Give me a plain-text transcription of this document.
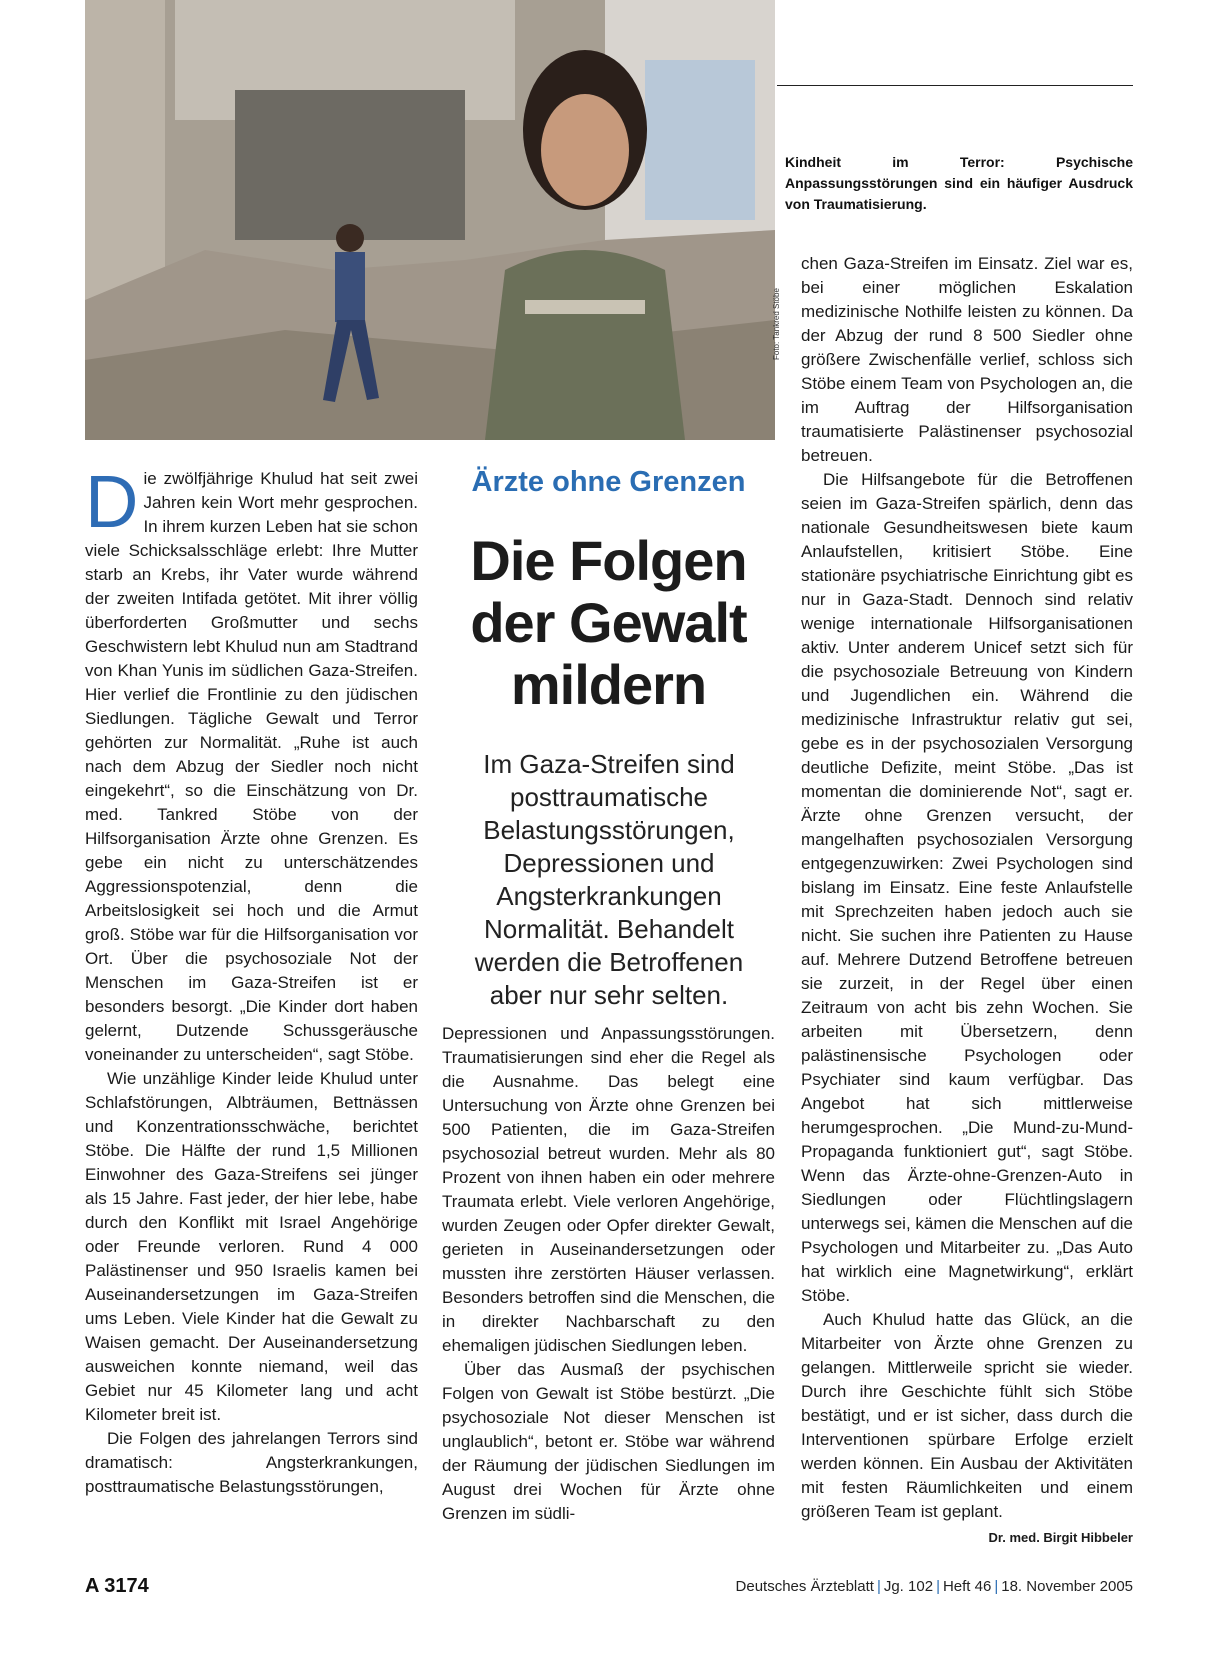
Foto: Tankred Stöbe
Kindheit im Terror: Psychische Anpassungsstörungen sind ein häufiger Ausdruck von Traumatisierung.

Die zwölfjährige Khulud hat seit zwei Jahren kein Wort mehr gesprochen. In ihrem kurzen Leben hat sie schon viele Schicksalsschläge erlebt: Ihre Mutter starb an Krebs, ihr Vater wurde während der zweiten Intifada getötet. Mit ihrer völlig überforderten Großmutter und sechs Geschwistern lebt Khulud nun am Stadtrand von Khan Yunis im südlichen Gaza-Streifen. Hier verlief die Frontlinie zu den jüdischen Siedlungen. Tägliche Gewalt und Terror gehörten zur Normalität. „Ruhe ist auch nach dem Abzug der Siedler noch nicht eingekehrt“, so die Einschätzung von Dr. med. Tankred Stöbe von der Hilfsorganisation Ärzte ohne Grenzen. Es gebe ein nicht zu unterschätzendes Aggressionspotenzial, denn die Arbeitslosigkeit sei hoch und die Armut groß. Stöbe war für die Hilfsorganisation vor Ort. Über die psychosoziale Not der Menschen im Gaza-Streifen ist er besonders besorgt. „Die Kinder dort haben gelernt, Dutzende Schussgeräusche voneinander zu unterscheiden“, sagt Stöbe.

Wie unzählige Kinder leide Khulud unter Schlafstörungen, Albträumen, Bettnässen und Konzentrationsschwäche, berichtet Stöbe. Die Hälfte der rund 1,5 Millionen Einwohner des Gaza-Streifens sei jünger als 15 Jahre. Fast jeder, der hier lebe, habe durch den Konflikt mit Israel Angehörige oder Freunde verloren. Rund 4 000 Palästinenser und 950 Israelis kamen bei Auseinandersetzungen im Gaza-Streifen ums Leben. Viele Kinder hat die Gewalt zu Waisen gemacht. Der Auseinandersetzung ausweichen konnte niemand, weil das Gebiet nur 45 Kilometer lang und acht Kilometer breit ist.

Die Folgen des jahrelangen Terrors sind dramatisch: Angsterkrankungen, posttraumatische Belastungsstörungen,

Ärzte ohne Grenzen
Die Folgen der Gewalt mildern
Im Gaza-Streifen sind posttraumatische Belastungsstörungen, Depressionen und Angsterkrankungen Normalität. Behandelt werden die Betroffenen aber nur sehr selten.

Depressionen und Anpassungsstörungen. Traumatisierungen sind eher die Regel als die Ausnahme. Das belegt eine Untersuchung von Ärzte ohne Grenzen bei 500 Patienten, die im Gaza-Streifen psychosozial betreut wurden. Mehr als 80 Prozent von ihnen haben ein oder mehrere Traumata erlebt. Viele verloren Angehörige, wurden Zeugen oder Opfer direkter Gewalt, gerieten in Auseinandersetzungen oder mussten ihre zerstörten Häuser verlassen. Besonders betroffen sind die Menschen, die in direkter Nachbarschaft zu den ehemaligen jüdischen Siedlungen leben.

Über das Ausmaß der psychischen Folgen von Gewalt ist Stöbe bestürzt. „Die psychosoziale Not dieser Menschen ist unglaublich“, betont er. Stöbe war während der Räumung der jüdischen Siedlungen im August drei Wochen für Ärzte ohne Grenzen im südli-

chen Gaza-Streifen im Einsatz. Ziel war es, bei einer möglichen Eskalation medizinische Nothilfe leisten zu können. Da der Abzug der rund 8 500 Siedler ohne größere Zwischenfälle verlief, schloss sich Stöbe einem Team von Psychologen an, die im Auftrag der Hilfsorganisation traumatisierte Palästinenser psychosozial betreuen.

Die Hilfsangebote für die Betroffenen seien im Gaza-Streifen spärlich, denn das nationale Gesundheitswesen biete kaum Anlaufstellen, kritisiert Stöbe. Eine stationäre psychiatrische Einrichtung gibt es nur in Gaza-Stadt. Dennoch sind relativ wenige internationale Hilfsorganisationen aktiv. Unter anderem Unicef setzt sich für die psychosoziale Betreuung von Kindern und Jugendlichen ein. Während die medizinische Infrastruktur relativ gut sei, gebe es in der psychosozialen Versorgung deutliche Defizite, meint Stöbe. „Das ist momentan die dominierende Not“, sagt er. Ärzte ohne Grenzen versucht, der mangelhaften psychosozialen Versorgung entgegenzuwirken: Zwei Psychologen sind bislang im Einsatz. Eine feste Anlaufstelle mit Sprechzeiten haben jedoch auch sie nicht. Sie suchen ihre Patienten zu Hause auf. Mehrere Dutzend Betroffene betreuen sie zurzeit, in der Regel über einen Zeitraum von acht bis zehn Wochen. Sie arbeiten mit Übersetzern, denn palästinensische Psychologen oder Psychiater sind kaum verfügbar. Das Angebot hat sich mittlerweise herumgesprochen. „Die Mund-zu-Mund-Propaganda funktioniert gut“, sagt Stöbe. Wenn das Ärzte-ohne-Grenzen-Auto in Siedlungen oder Flüchtlingslagern unterwegs sei, kämen die Menschen auf die Psychologen und Mitarbeiter zu. „Das Auto hat wirklich eine Magnetwirkung“, erklärt Stöbe.

Auch Khulud hatte das Glück, an die Mitarbeiter von Ärzte ohne Grenzen zu gelangen. Mittlerweile spricht sie wieder. Durch ihre Geschichte fühlt sich Stöbe bestätigt, und er ist sicher, dass durch die Interventionen spürbare Erfolge erzielt werden können. Ein Ausbau der Aktivitäten mit festen Räumlichkeiten und einem größeren Team ist geplant.
Dr. med. Birgit Hibbeler

A 3174	Deutsches Ärzteblatt | Jg. 102 | Heft 46 | 18. November 2005
